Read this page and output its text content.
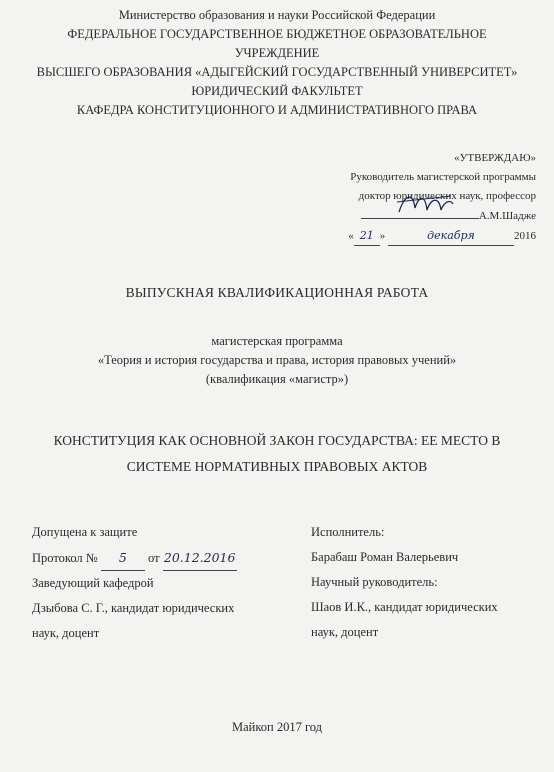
Министерство образования и науки Российской Федерации
ФЕДЕРАЛЬНОЕ ГОСУДАРСТВЕННОЕ БЮДЖЕТНОЕ ОБРАЗОВАТЕЛЬНОЕ
УЧРЕЖДЕНИЕ
ВЫСШЕГО ОБРАЗОВАНИЯ «АДЫГЕЙСКИЙ ГОСУДАРСТВЕННЫЙ УНИВЕРСИТЕТ»
ЮРИДИЧЕСКИЙ ФАКУЛЬТЕТ
КАФЕДРА КОНСТИТУЦИОННОГО И АДМИНИСТРАТИВНОГО ПРАВА
«УТВЕРЖДАЮ»
Руководитель магистерской программы
доктор юридических наук, профессор
А.М.Шадже
« 21 »	декабря	2016
ВЫПУСКНАЯ КВАЛИФИКАЦИОННАЯ РАБОТА
магистерская программа
«Теория и история государства и права, история правовых учений»
(квалификация «магистр»)
КОНСТИТУЦИЯ КАК ОСНОВНОЙ ЗАКОН ГОСУДАРСТВА: ЕЕ МЕСТО В
СИСТЕМЕ НОРМАТИВНЫХ ПРАВОВЫХ АКТОВ
Допущена к защите
Протокол № 5 от 20.12.2016
Заведующий кафедрой
Дзыбова С. Г., кандидат юридических
наук, доцент
Исполнитель:
Барабаш Роман Валерьевич
Научный руководитель:
Шаов И.К., кандидат юридических
наук, доцент
Майкоп 2017 год
